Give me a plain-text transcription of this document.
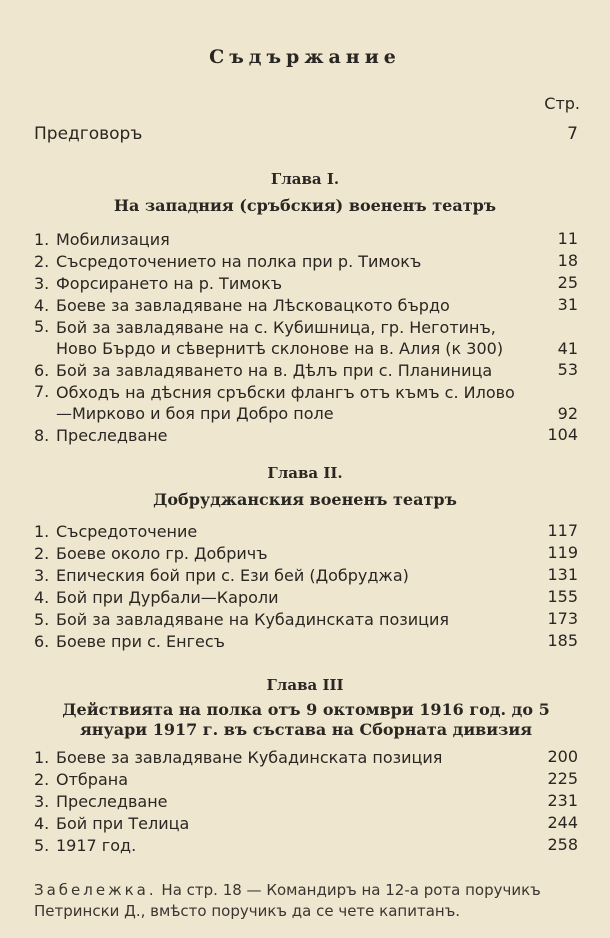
Съдържание
Стр.
Предговоръ	7
Глава I.
На западния (сръбския) воененъ театръ
1. Мобилизация	11
2. Съсредоточението на полка при р. Тимокъ	18
3. Форсирането на р. Тимокъ	25
4. Боеве за завладяване на Лѣсковацкото бърдо	31
5. Бой за завладяване на с. Кубишница, гр. Неготинъ, Ново Бърдо и сѣвернитѣ склонове на в. Алия (к 300)	41
6. Бой за завладяването на в. Дѣлъ при с. Планиница	53
7. Обходъ на дѣсния сръбски флангъ отъ къмъ с. Илово —Мирково и боя при Добро поле	92
8. Преследване	104
Глава II.
Добруджанския воененъ театръ
1. Съсредоточение	117
2. Боеве около гр. Добричъ	119
3. Епическия бой при с. Ези бей (Добруджа)	131
4. Бой при Дурбали—Кароли	155
5. Бой за завладяване на Кубадинската позиция	173
6. Боеве при с. Енгесъ	185
Глава III
Действията на полка отъ 9 октомври 1916 год. до 5 януари 1917 г. въ състава на Сборната дивизия
1. Боеве за завладяване Кубадинската позиция	200
2. Отбрана	225
3. Преследване	231
4. Бой при Телица	244
5. 1917 год.	258
Забележка. На стр. 18 — Командиръ на 12-а рота поручикъ Петрински Д., вмѣсто поручикъ да се чете капитанъ.
